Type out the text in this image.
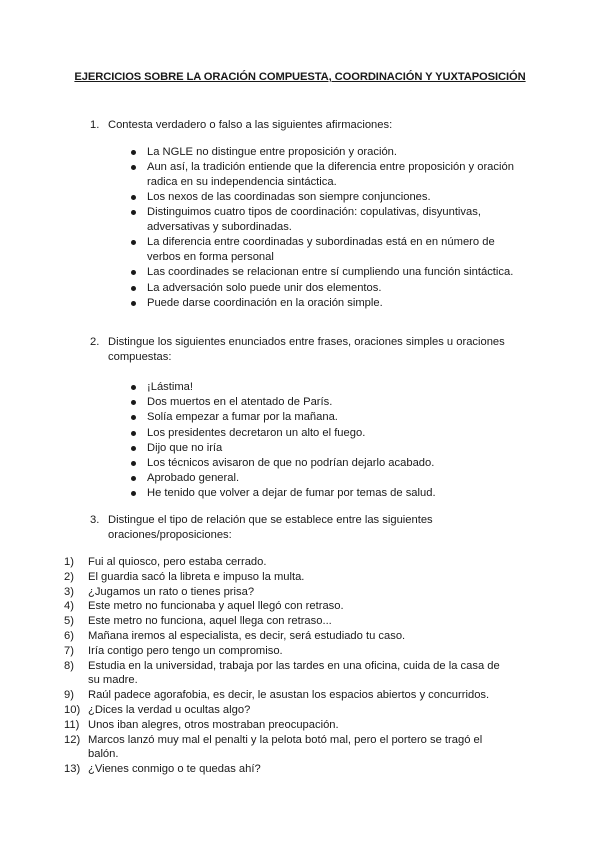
EJERCICIOS SOBRE LA ORACIÓN COMPUESTA, COORDINACIÓN Y YUXTAPOSICIÓN
1. Contesta verdadero o falso a las siguientes afirmaciones:
La NGLE no distingue entre proposición y oración.
Aun así, la tradición entiende que la diferencia entre proposición y oración radica en su independencia sintáctica.
Los nexos de las coordinadas son siempre conjunciones.
Distinguimos cuatro tipos de coordinación: copulativas, disyuntivas, adversativas y subordinadas.
La diferencia entre coordinadas y subordinadas está en en número de verbos en forma personal
Las coordinades se relacionan entre sí cumpliendo una función sintáctica.
La adversación solo puede unir dos elementos.
Puede darse coordinación en la oración simple.
2. Distingue los siguientes enunciados entre frases, oraciones simples u oraciones compuestas:
¡Lástima!
Dos muertos en el atentado de París.
Solía empezar a fumar por la mañana.
Los presidentes decretaron un alto el fuego.
Dijo que no iría
Los técnicos avisaron de que no podrían dejarlo acabado.
Aprobado general.
He tenido que volver a dejar de fumar por temas de salud.
3. Distingue el tipo de relación que se establece entre las siguientes oraciones/proposiciones:
1) Fui al quiosco, pero estaba cerrado.
2) El guardia sacó la libreta e impuso la multa.
3) ¿Jugamos un rato o tienes prisa?
4) Este metro no funcionaba y aquel llegó con retraso.
5) Este metro no funciona, aquel llega con retraso...
6) Mañana iremos al especialista, es decir, será estudiado tu caso.
7) Iría contigo pero tengo un compromiso.
8) Estudia en la universidad, trabaja por las tardes en una oficina, cuida de la casa de su madre.
9) Raúl padece agorafobia, es decir, le asustan los espacios abiertos y concurridos.
10) ¿Dices la verdad u ocultas algo?
11) Unos iban alegres, otros mostraban preocupación.
12) Marcos lanzó muy mal el penalti y la pelota botó mal, pero el portero se tragó el balón.
13) ¿Vienes conmigo o te quedas ahí?
